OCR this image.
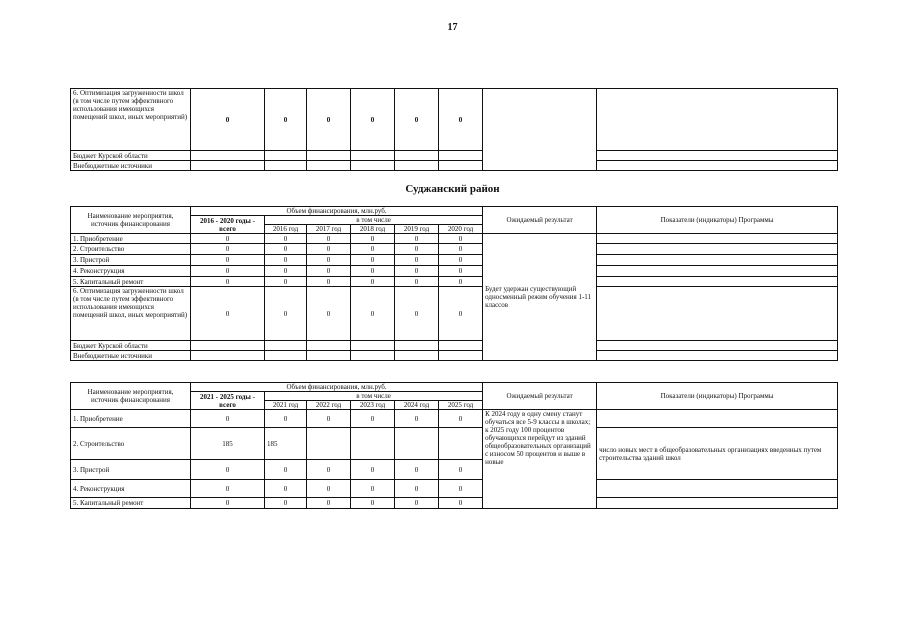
17
6. Оптимизация загруженности школ (в том числе путем эффективного использования имеющихся помещений школ, иных мероприятий)	0	0	0	0	0	0		
Бюджет Курской области								
Внебюджетные источники								
Суджанский район
Наименование мероприятия, источник финансирования	Объем финансирования, млн.руб.						Ожидаемый результат	Показатели (индикаторы) Программы
	2016 - 2020 годы - всего	в том числе						
		2016 год	2017 год	2018 год	2019 год	2020 год		
1. Приобретение	0	0	0	0	0	0	Будет удержан существующий односменный режим обучения 1-11 классов	
2. Строительство	0	0	0	0	0	0		
3. Пристрой	0	0	0	0	0	0		
4. Реконструкция	0	0	0	0	0	0		
5. Капитальный ремонт	0	0	0	0	0	0		
6. Оптимизация загруженности школ (в том числе путем эффективного использования имеющихся помещений школ, иных мероприятий)	0	0	0	0	0	0		
Бюджет Курской области								
Внебюджетные источники								
Наименование мероприятия, источник финансирования	Объем финансирования, млн.руб.						Ожидаемый результат	Показатели (индикаторы) Программы
	2021 - 2025 годы - всего	в том числе						
		2021 год	2022 год	2023 год	2024 год	2025 год		
1. Приобретение	0	0	0	0	0	0	К 2024 году в одну смену станут обучаться все 5-9 классы в школах; к 2025 году 100 процентов обучающихся перейдут из зданий общеобразовательных организаций с износом 50 процентов и выше в новые	
2. Строительство	185	185						число новых мест в общеобразовательных организациях введенных путем строительства зданий школ
3. Пристрой	0	0	0	0	0	0		
4. Реконструкция	0	0	0	0	0	0		
5. Капитальный ремонт	0	0	0	0	0	0		
